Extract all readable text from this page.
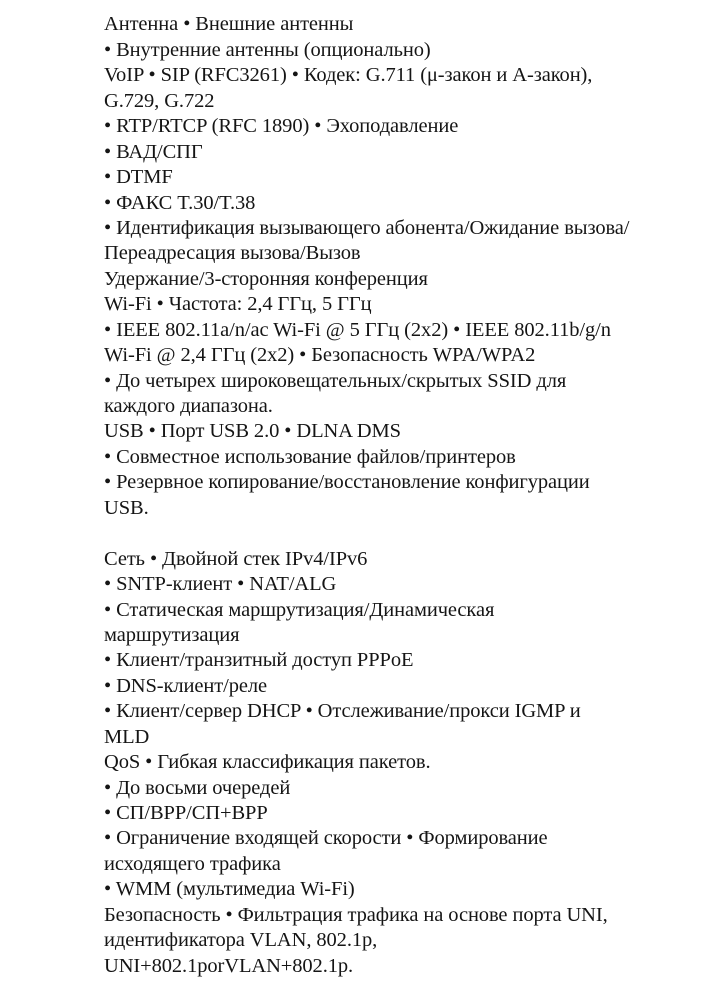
Антенна • Внешние антенны
• Внутренние антенны (опционально)
VoIP • SIP (RFC3261) • Кодек: G.711 (μ-закон и A-закон),
G.729, G.722
• RTP/RTCP (RFC 1890) • Эхоподавление
• ВАД/СПГ
• DTMF
• ФАКС T.30/T.38
• Идентификация вызывающего абонента/Ожидание вызова/
Переадресация вызова/Вызов
Удержание/3-сторонняя конференция
Wi-Fi • Частота: 2,4 ГГц, 5 ГГц
• IEEE 802.11a/n/ac Wi-Fi @ 5 ГГц (2x2) • IEEE 802.11b/g/n
Wi-Fi @ 2,4 ГГц (2x2) • Безопасность WPA/WPA2
• До четырех широковещательных/скрытых SSID для
каждого диапазона.
USB • Порт USB 2.0 • DLNA DMS
• Совместное использование файлов/принтеров
• Резервное копирование/восстановление конфигурации
USB.
Сеть • Двойной стек IPv4/IPv6
• SNTP-клиент • NAT/ALG
• Статическая маршрутизация/Динамическая
маршрутизация
• Клиент/транзитный доступ PPPoE
• DNS-клиент/реле
• Клиент/сервер DHCP • Отслеживание/прокси IGMP и
MLD
QoS • Гибкая классификация пакетов.
• До восьми очередей
• СП/ВРР/СП+ВРР
• Ограничение входящей скорости • Формирование
исходящего трафика
• WMM (мультимедиа Wi-Fi)
Безопасность • Фильтрация трафика на основе порта UNI,
идентификатора VLAN, 802.1p,
UNI+802.1porVLAN+802.1p.
